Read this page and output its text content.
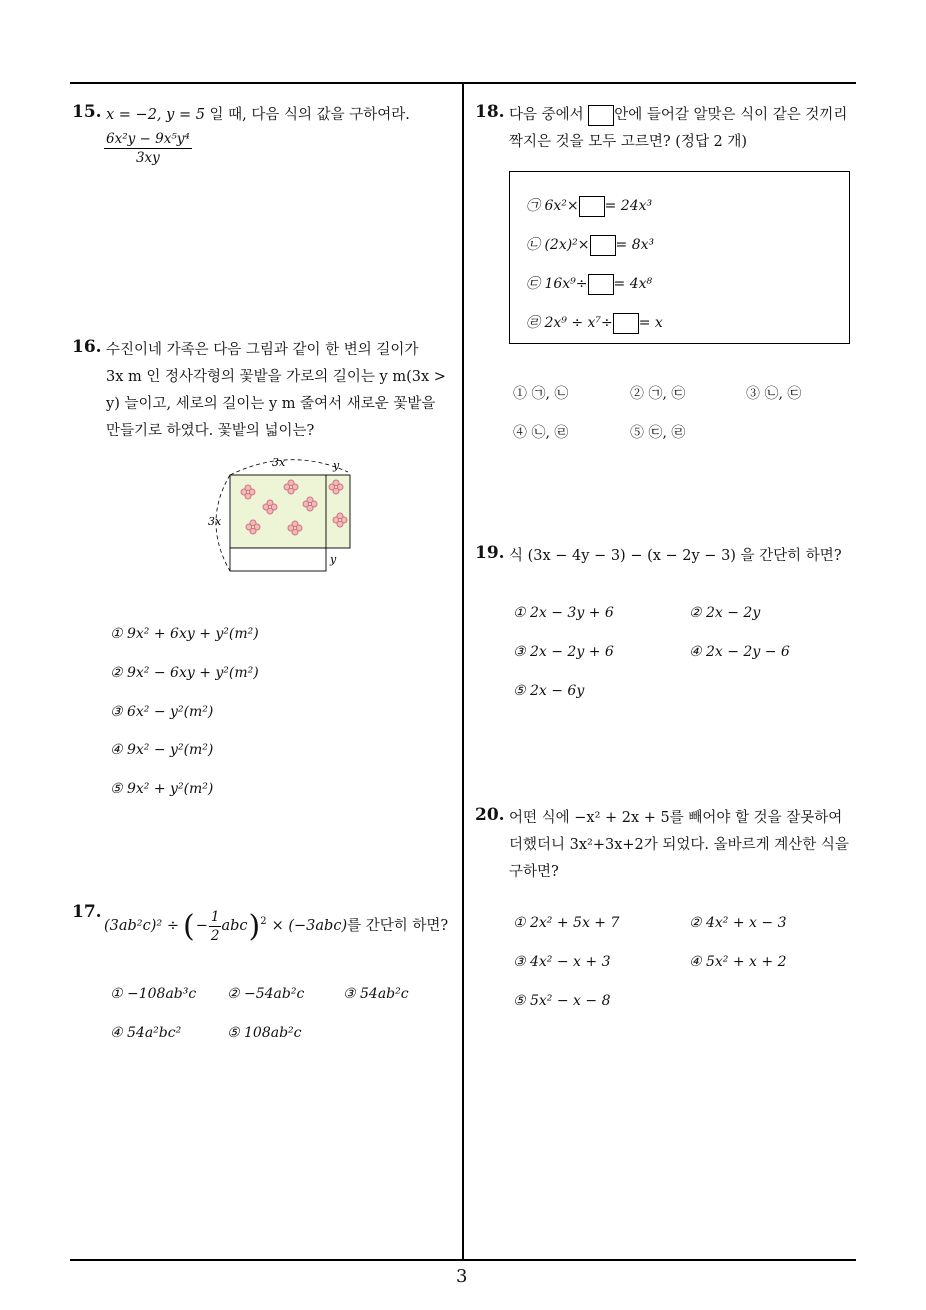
15. x = −2, y = 5 일 때, 다음 식의 값을 구하여라.
$\frac{\text{6x²y − 9x⁵y⁴}}{3xy}$
16. 수진이네 가족은 다음 그림과 같이 한 변의 길이가
3x m 인 정사각형의 꽃밭을 가로의 길이는 y m(3x >
y) 늘이고, 세로의 길이는 y m 줄여서 새로운 꽃밭을
만들기로 하였다. 꽃밭의 넓이는?
3x	y
3x
y
① 9x² + 6xy + y²(m²)
② 9x² − 6xy + y²(m²)
③ 6x² − y²(m²)
④ 9x² − y²(m²)
⑤ 9x² + y²(m²)
17.
(3ab²c)² ÷ ( − $\frac{1}{2}$ abc ) 2 × (−3abc) 를 간단히 하면?
① −108ab³c ② −54ab²c	③ 54ab²c
④ 54a²bc²	⑤ 108ab²c
18. 다음 중에서 안에 들어갈 알맞은 식이 같은 것끼리
짝지은 것을 모두 고르면? (정답 2 개)
㉠ 6x²× = 24x³
㉡ (2x)²× = 8x³
㉢ 16x⁹÷ = 4x⁸
㉣ 2x⁹ ÷ x⁷÷ = x
① ㉠, ㉡	② ㉠, ㉢	③ ㉡, ㉢
④ ㉡, ㉣	⑤ ㉢, ㉣
19. 식 (3x − 4y − 3) − (x − 2y − 3) 을 간단히 하면?
① 2x − 3y + 6	② 2x − 2y
③ 2x − 2y + 6	④ 2x − 2y − 6
⑤ 2x − 6y
20. 어떤 식에 −x² + 2x + 5를 빼어야 할 것을 잘못하여
더했더니 3x²+3x+2가 되었다. 올바르게 계산한 식을
구하면?
① 2x² + 5x + 7	② 4x² + x − 3
③ 4x² − x + 3	④ 5x² + x + 2
⑤ 5x² − x − 8
3
